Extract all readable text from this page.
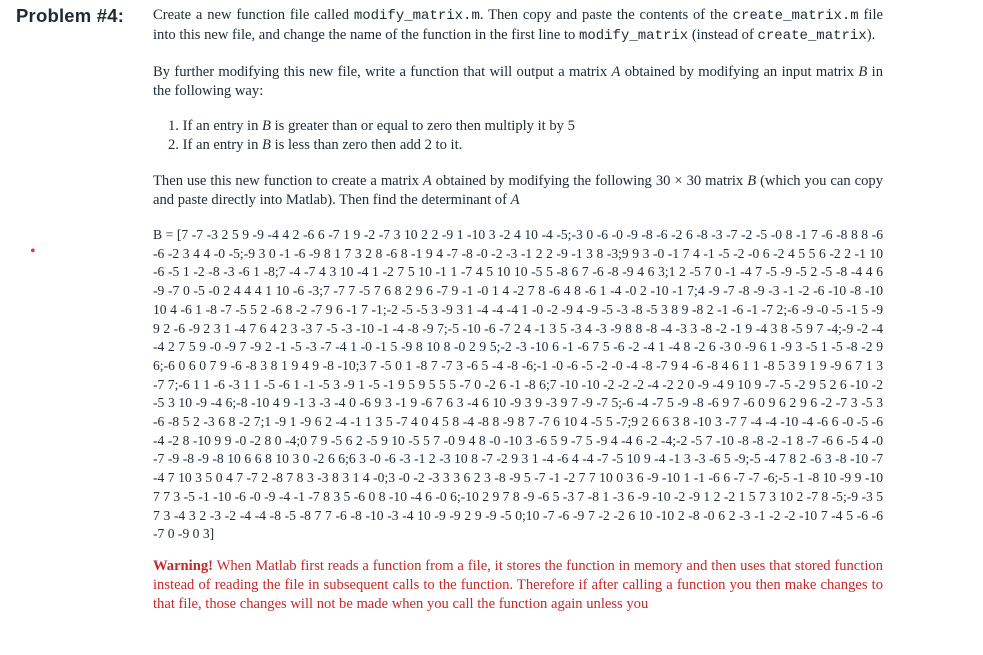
Problem #4:
•

Create a new function file called modify_matrix.m. Then copy and paste the contents of the create_matrix.m file into this new file, and change the name of the function in the first line to modify_matrix (instead of create_matrix).

By further modifying this new file, write a function that will output a matrix A obtained by modifying an input matrix B in the following way:

1. If an entry in B is greater than or equal to zero then multiply it by 5
2. If an entry in B is less than zero then add 2 to it.

Then use this new function to create a matrix A obtained by modifying the following 30 × 30 matrix B (which you can copy and paste directly into Matlab). Then find the determinant of A

B = [7 -7 -3 2 5 9 -9 -4 4 2 -6 6 -7 1 9 -2 -7 3 10 2 2 -9 1 -10 3 -2 4 10 -4 -5;-3 0 -6 -0 -9 -8 -6 -2 6 -8 -3 -7 -2 -5 -0 8 -1 7 -6 -8 8 8 -6 -6 -2 3 4 4 -0 -5;-9 3 0 -1 -6 -9 8 1 7 3 2 8 -6 8 -1 9 4 -7 -8 -0 -2 -3 -1 2 2 -9 -1 3 8 -3;9 9 3 -0 -1 7 4 -1 -5 -2 -0 6 -2 4 5 5 6 -2 2 -1 10 -6 -5 1 -2 -8 -3 -6 1 -8;7 -4 -7 4 3 10 -4 1 -2 7 5 10 -1 1 -7 4 5 10 10 -5 5 -8 6 7 -6 -8 -9 4 6 3;1 2 -5 7 0 -1 -4 7 -5 -9 -5 2 -5 -8 -4 4 6 -9 -7 0 -5 -0 2 4 4 4 1 10 -6 -3;7 -7 7 -5 7 6 8 2 9 6 -7 9 -1 -0 1 4 -2 7 8 -6 4 8 -6 1 -4 -0 2 -10 -1 7;4 -9 -7 -8 -9 -3 -1 -2 -6 -10 -8 -10 10 4 -6 1 -8 -7 -5 5 2 -6 8 -2 -7 9 6 -1 7 -1;-2 -5 -5 3 -9 3 1 -4 -4 -4 1 -0 -2 -9 4 -9 -5 -3 -8 -5 3 8 9 -8 2 -1 -6 -1 -7 2;-6 -9 -0 -5 -1 5 -9 9 2 -6 -9 2 3 1 -4 7 6 4 2 3 -3 7 -5 -3 -10 -1 -4 -8 -9 7;-5 -10 -6 -7 2 4 -1 3 5 -3 4 -3 -9 8 8 -8 -4 -3 3 -8 -2 -1 9 -4 3 8 -5 9 7 -4;-9 -2 -4 -4 2 7 5 9 -0 -9 7 -9 2 -1 -5 -3 -7 -4 1 -0 -1 5 -9 8 10 8 -0 2 9 5;-2 -3 -10 6 -1 -6 7 5 -6 -2 -4 1 -4 8 -2 6 -3 0 -9 6 1 -9 3 -5 1 -5 -8 -2 9 6;-6 0 6 0 7 9 -6 -8 3 8 1 9 4 9 -8 -10;3 7 -5 0 1 -8 7 -7 3 -6 5 -4 -8 -6;-1 -0 -6 -5 -2 -0 -4 -8 -7 9 4 -6 -8 4 6 1 1 -8 5 3 9 1 9 -9 6 7 1 3 -7 7;-6 1 1 -6 -3 1 1 -5 -6 1 -1 -5 3 -9 1 -5 -1 9 5 9 5 5 5 -7 0 -2 6 -1 -8 6;7 -10 -10 -2 -2 -2 -4 -2 2 0 -9 -4 9 10 9 -7 -5 -2 9 5 2 6 -10 -2 -5 3 10 -9 -4 6;-8 -10 4 9 -1 3 -3 -4 0 -6 9 3 -1 9 -6 7 6 3 -4 6 10 -9 3 9 -3 9 7 -9 -7 5;-6 -4 -7 5 -9 -8 -6 9 7 -6 0 9 6 2 9 6 -2 -7 3 -5 3 -6 -8 5 2 -3 6 8 -2 7;1 -9 1 -9 6 2 -4 -1 1 3 5 -7 4 0 4 5 8 -4 -8 8 -9 8 7 -7 6 10 4 -5 5 -7;9 2 6 6 3 8 -10 3 -7 7 -4 -4 -10 -4 -6 6 -0 -5 -6 -4 -2 8 -10 9 9 -0 -2 8 0 -4;0 7 9 -5 6 2 -5 9 10 -5 5 7 -0 9 4 8 -0 -10 3 -6 5 9 -7 5 -9 4 -4 6 -2 -4;-2 -5 7 -10 -8 -8 -2 -1 8 -7 -6 6 -5 4 -0 -7 -9 -8 -9 -8 10 6 6 8 10 3 0 -2 6 6;6 3 -0 -6 -3 -1 2 -3 10 8 -7 -2 9 3 1 -4 -6 4 -4 -7 -5 10 9 -4 -1 3 -3 -6 5 -9;-5 -4 7 8 2 -6 3 -8 -10 -7 -4 7 10 3 5 0 4 7 -7 2 -8 7 8 3 -3 8 3 1 4 -0;3 -0 -2 -3 3 3 6 2 3 -8 -9 5 -7 -1 -2 7 7 10 0 3 6 -9 -10 1 -1 -6 6 -7 -7 -6;-5 -1 -8 10 -9 9 -10 7 7 3 -5 -1 -10 -6 -0 -9 -4 -1 -7 8 3 5 -6 0 8 -10 -4 6 -0 6;-10 2 9 7 8 -9 -6 5 -3 7 -8 1 -3 6 -9 -10 -2 -9 1 2 -2 1 5 7 3 10 2 -7 8 -5;-9 -3 5 7 3 -4 3 2 -3 -2 -4 -4 -8 -5 -8 7 7 -6 -8 -10 -3 -4 10 -9 -9 2 9 -9 -5 0;10 -7 -6 -9 7 -2 -2 6 10 -10 2 -8 -0 6 2 -3 -1 -2 -2 -10 7 -4 5 -6 -6 -7 0 -9 0 3]

Warning! When Matlab first reads a function from a file, it stores the function in memory and then uses that stored function instead of reading the file in subsequent calls to the function. Therefore if after calling a function you then make changes to that file, those changes will not be made when you call the function again unless you
